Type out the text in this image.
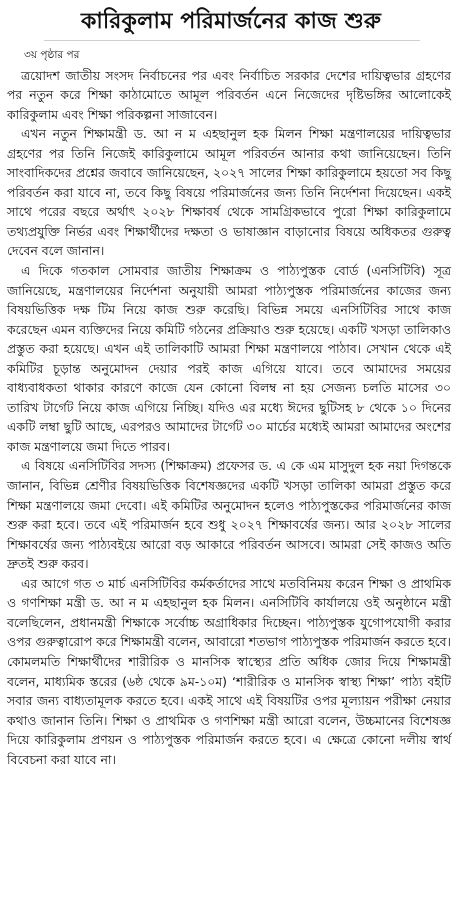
কারিকুলাম পরিমার্জনের কাজ শুরু
৩য় পৃষ্ঠার পর

ত্রয়োদশ জাতীয় সংসদ নির্বাচনের পর এবং নির্বাচিত সরকার দেশের দায়িত্বভার গ্রহণের পর নতুন করে শিক্ষা কাঠামোতে আমূল পরিবর্তন এনে নিজেদের দৃষ্টিভঙ্গির আলোকেই কারিকুলাম এবং শিক্ষা পরিকল্পনা সাজাবেন।

এখন নতুন শিক্ষামন্ত্রী ড. আ ন ম এহছানুল হক মিলন শিক্ষা মন্ত্রণালয়ের দায়িত্বভার গ্রহণের পর তিনি নিজেই কারিকুলামে আমূল পরিবর্তন আনার কথা জানিয়েছেন। তিনি সাংবাদিকদের প্রশ্নের জবাবে জানিয়েছেন, ২০২৭ সালের শিক্ষা কারিকুলামে হয়তো সব কিছু পরিবর্তন করা যাবে না, তবে কিছু বিষয়ে পরিমার্জনের জন্য তিনি নির্দেশনা দিয়েছেন। একই সাথে পরের বছরে অর্থাৎ ২০২৮ শিক্ষাবর্ষ থেকে সামগ্রিকভাবে পুরো শিক্ষা কারিকুলামে তথ্যপ্রযুক্তি নির্ভর এবং শিক্ষার্থীদের দক্ষতা ও ভাষাজ্ঞান বাড়ানোর বিষয়ে অধিকতর গুরুত্ব দেবেন বলে জানান।

এ দিকে গতকাল সোমবার জাতীয় শিক্ষাক্রম ও পাঠ্যপুস্তক বোর্ড (এনসিটিবি) সূত্র জানিয়েছে, মন্ত্রণালয়ের নির্দেশনা অনুযায়ী আমরা পাঠ্যপুস্তক পরিমার্জনের কাজের জন্য বিষয়ভিত্তিক দক্ষ টিম নিয়ে কাজ শুরু করেছি। বিভিন্ন সময়ে এনসিটিবির সাথে কাজ করেছেন এমন ব্যক্তিদের নিয়ে কমিটি গঠনের প্রক্রিয়াও শুরু হয়েছে। একটি খসড়া তালিকাও প্রস্তুত করা হয়েছে। এখন এই তালিকাটি আমরা শিক্ষা মন্ত্রণালয়ে পাঠাব। সেখান থেকে এই কমিটির চূড়ান্ত অনুমোদন দেয়ার পরই কাজ এগিয়ে যাবে। তবে আমাদের সময়ের বাধ্যবাধকতা থাকার কারণে কাজে যেন কোনো বিলম্ব না হয় সেজন্য চলতি মাসের ৩০ তারিখ টার্গেট নিয়ে কাজ এগিয়ে নিচ্ছি। যদিও এর মধ্যে ঈদের ছুটিসহ ৮ থেকে ১০ দিনের একটি লম্বা ছুটি আছে, এরপরও আমাদের টার্গেট ৩০ মার্চের মধ্যেই আমরা আমাদের অংশের কাজ মন্ত্রণালয়ে জমা দিতে পারব।

এ বিষয়ে এনসিটিবির সদস্য (শিক্ষাক্রম) প্রফেসর ড. এ কে এম মাসুদুল হক নয়া দিগন্তকে জানান, বিভিন্ন শ্রেণীর বিষয়ভিত্তিক বিশেষজ্ঞদের একটি খসড়া তালিকা আমরা প্রস্তুত করে শিক্ষা মন্ত্রণালয়ে জমা দেবো। এই কমিটির অনুমোদন হলেও পাঠ্যপুস্তকের পরিমার্জনের কাজ শুরু করা হবে। তবে এই পরিমার্জন হবে শুধু ২০২৭ শিক্ষাবর্ষের জন্য। আর ২০২৮ সালের শিক্ষাবর্ষের জন্য পাঠ্যবইয়ে আরো বড় আকারে পরিবর্তন আসবে। আমরা সেই কাজও অতি দ্রুতই শুরু করব।

এর আগে গত ৩ মার্চ এনসিটিবির কর্মকর্তাদের সাথে মতবিনিময় করেন শিক্ষা ও প্রাথমিক ও গণশিক্ষা মন্ত্রী ড. আ ন ম এহছানুল হক মিলন। এনসিটিবি কার্যালয়ে ওই অনুষ্ঠানে মন্ত্রী বলেছিলেন, প্রধানমন্ত্রী শিক্ষাকে সর্বোচ্চ অগ্রাধিকার দিচ্ছেন। পাঠ্যপুস্তক যুগোপযোগী করার ওপর গুরুত্বারোপ করে শিক্ষামন্ত্রী বলেন, আবারো শতভাগ পাঠ্যপুস্তক পরিমার্জন করতে হবে। কোমলমতি শিক্ষার্থীদের শারীরিক ও মানসিক স্বাস্থ্যের প্রতি অধিক জোর দিয়ে শিক্ষামন্ত্রী বলেন, মাধ্যমিক স্তরের (৬ষ্ঠ থেকে ৯ম-১০ম) ‘শারীরিক ও মানসিক স্বাস্থ্য শিক্ষা’ পাঠ্য বইটি সবার জন্য বাধ্যতামূলক করতে হবে। একই সাথে এই বিষয়টির ওপর মূল্যায়ন পরীক্ষা নেয়ার কথাও জানান তিনি। শিক্ষা ও প্রাথমিক ও গণশিক্ষা মন্ত্রী আরো বলেন, উচ্চমানের বিশেষজ্ঞ দিয়ে কারিকুলাম প্রণয়ন ও পাঠ্যপুস্তক পরিমার্জন করতে হবে। এ ক্ষেত্রে কোনো দলীয় স্বার্থ বিবেচনা করা যাবে না।
